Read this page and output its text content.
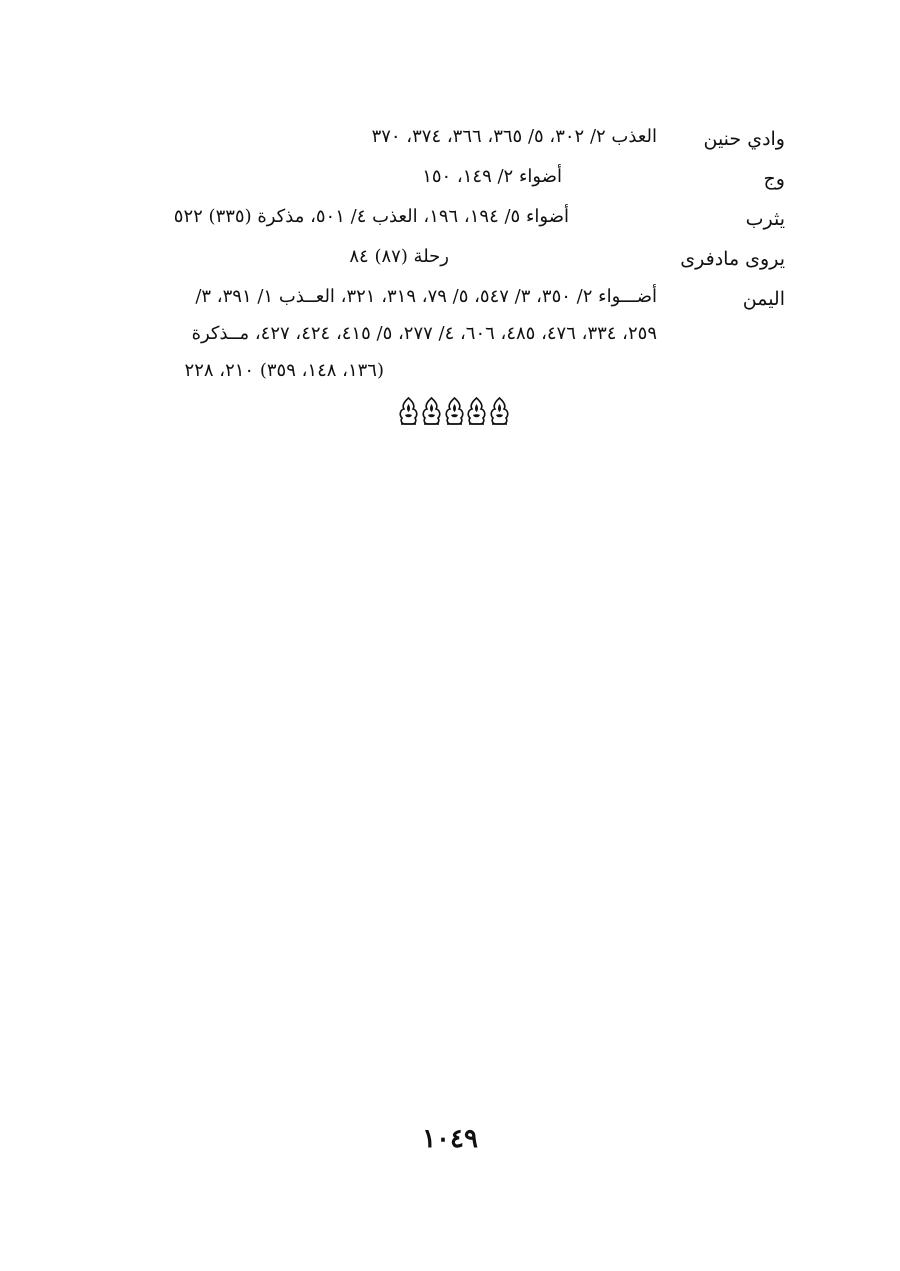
وادي حنين
العذب ٢/ ٣٠٢، ٥/ ٣٦٥، ٣٦٦، ٣٧٤، ٣٧٠
وج
أضواء ٢/ ١٤٩، ١٥٠
يثرب
أضواء ٥/ ١٩٤، ١٩٦، العذب ٤/ ٥٠١، مذكرة (٣٣٥) ٥٢٢
يروى مادفرى
رحلة (٨٧) ٨٤
اليمن
أضـــواء ٢/ ٣٥٠، ٣/ ٥٤٧، ٥/ ٧٩، ٣١٩، ٣٢١، العــذب ١/ ٣٩١، ٣/
٢٥٩، ٣٣٤، ٤٧٦، ٤٨٥، ٦٠٦، ٤/ ٢٧٧، ٥/ ٤١٥، ٤٢٤، ٤٢٧، مــذكرة
(١٣٦، ١٤٨، ٣٥٩) ٢١٠، ٢٢٨
١٠٤٩
